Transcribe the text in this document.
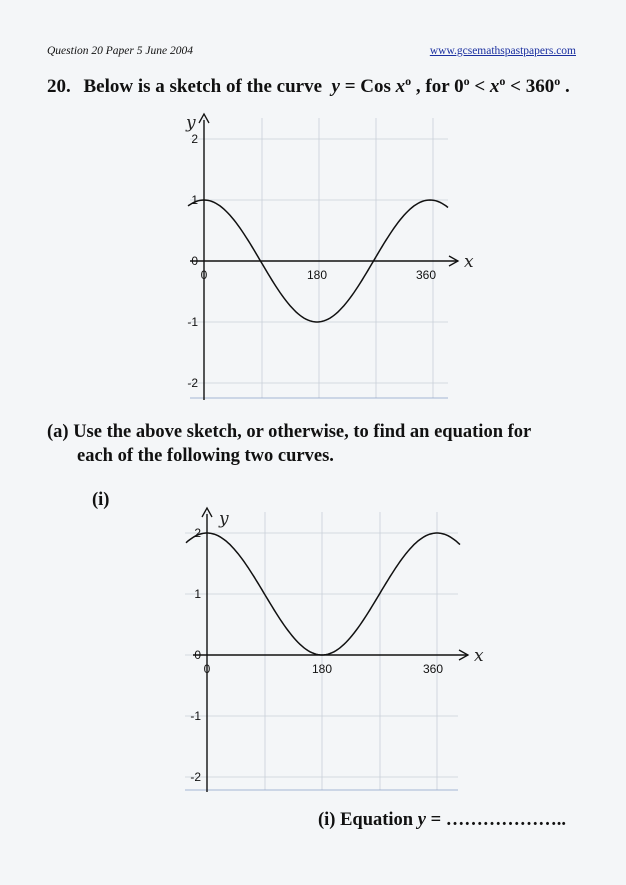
Question 20 Paper 5 June 2004	www.gcsemathspastpapers.com
20. Below is a sketch of the curve y = Cos $x^o$ , for $0^o < x^o < 360^o$ .
x
y
2
1
0
-1
-2
0	180	360
(a) Use the above sketch, or otherwise, to find an equation for
each of the following two curves.
(i)
x
y
2
1
0
-1
-2
0	180	360
(i) Equation y = ………………..
